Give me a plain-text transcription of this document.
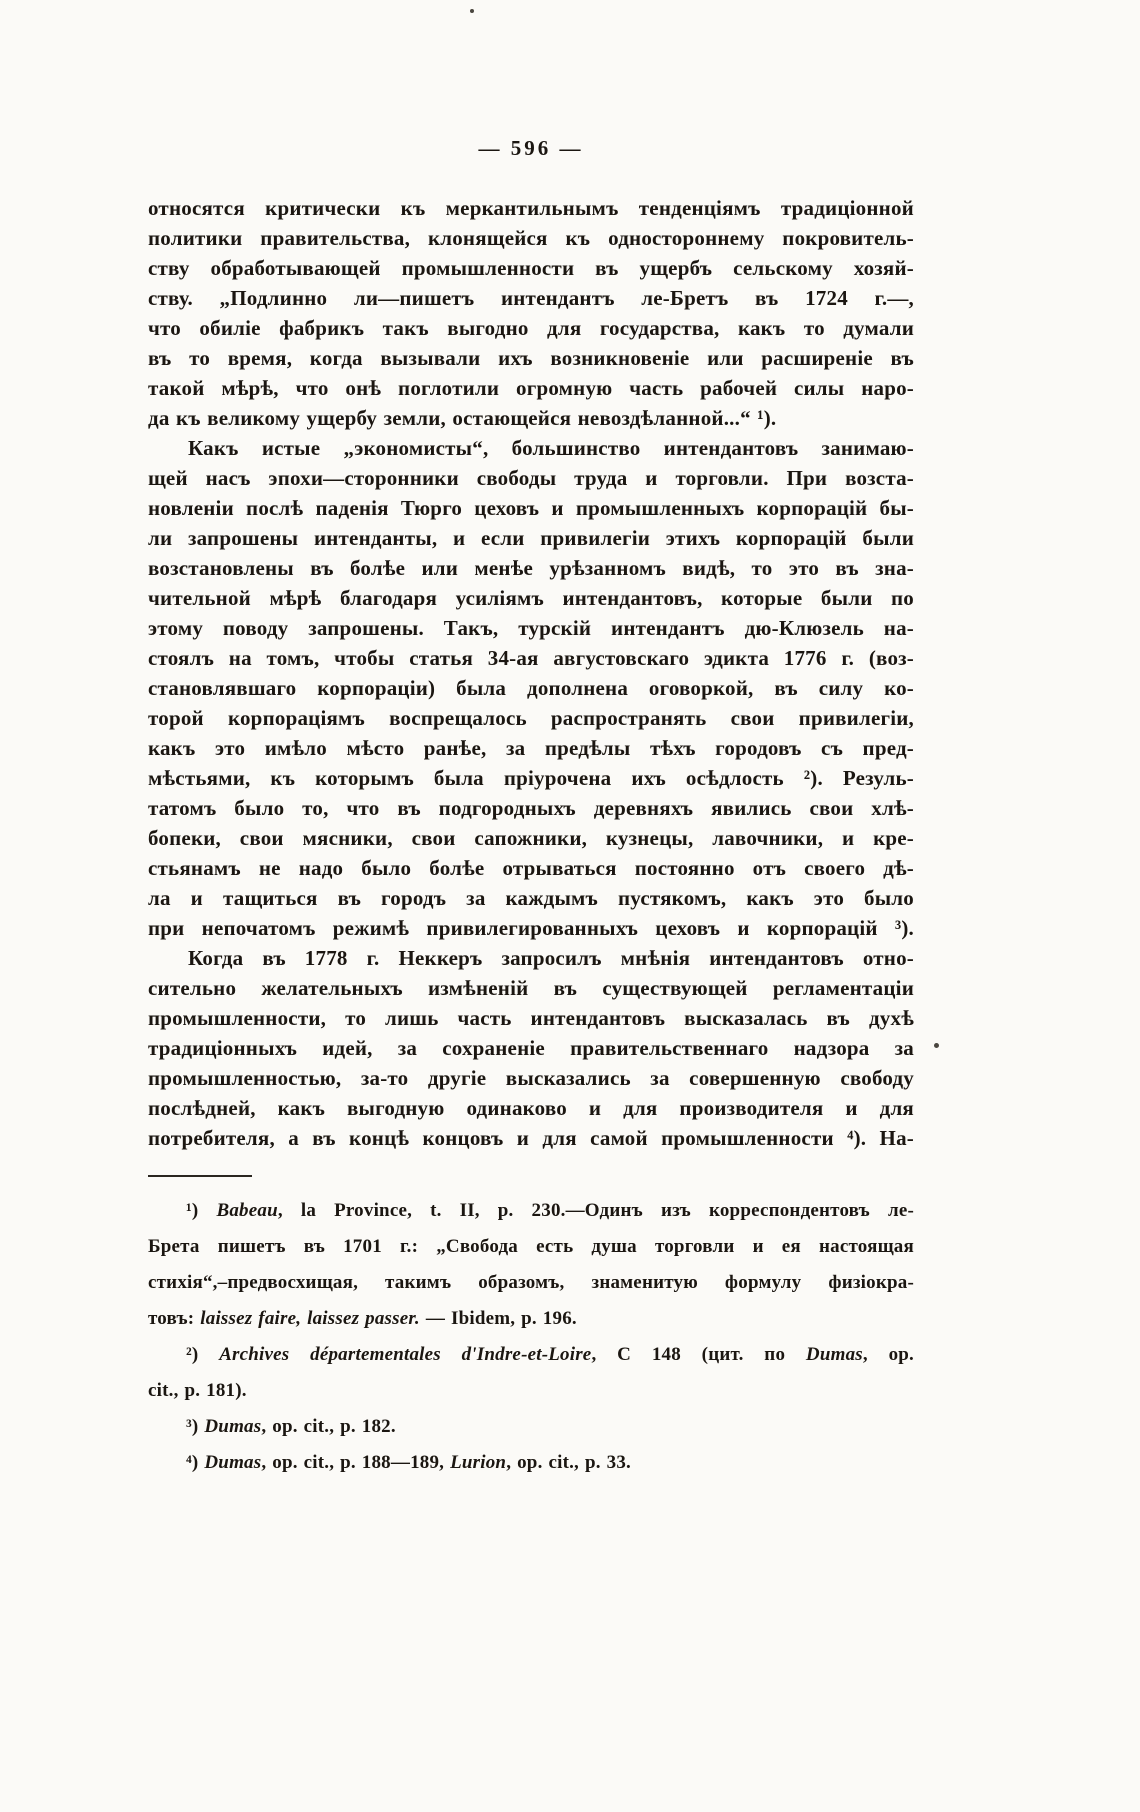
— 596 —
относятся критически къ меркантильнымъ тенденціямъ традиціонной
политики правительства, клонящейся къ одностороннему покровитель-
ству обработывающей промышленности въ ущербъ сельскому хозяй-
ству. „Подлинно ли—пишетъ интендантъ ле-Бретъ въ 1724 г.—,
что обиліе фабрикъ такъ выгодно для государства, какъ то думали
въ то время, когда вызывали ихъ возникновеніе или расширеніе въ
такой мѣрѣ, что онѣ поглотили огромную часть рабочей силы наро-
да къ великому ущербу земли, остающейся невоздѣланной...“ ¹).
Какъ истые „экономисты“, большинство интендантовъ занимаю-
щей насъ эпохи—сторонники свободы труда и торговли. При возста-
новленіи послѣ паденія Тюрго цеховъ и промышленныхъ корпорацій бы-
ли запрошены интенданты, и если привилегіи этихъ корпорацій были
возстановлены въ болѣе или менѣе урѣзанномъ видѣ, то это въ зна-
чительной мѣрѣ благодаря усиліямъ интендантовъ, которые были по
этому поводу запрошены. Такъ, турскій интендантъ дю-Клюзель на-
стоялъ на томъ, чтобы статья 34-ая августовскаго эдикта 1776 г. (воз-
становлявшаго корпораціи) была дополнена оговоркой, въ силу ко-
торой корпораціямъ воспрещалось распространять свои привилегіи,
какъ это имѣло мѣсто ранѣе, за предѣлы тѣхъ городовъ съ пред-
мѣстьями, къ которымъ была пріурочена ихъ осѣдлость ²). Резуль-
татомъ было то, что въ подгородныхъ деревняхъ явились свои хлѣ-
бопеки, свои мясники, свои сапожники, кузнецы, лавочники, и кре-
стьянамъ не надо было болѣе отрываться постоянно отъ своего дѣ-
ла и тащиться въ городъ за каждымъ пустякомъ, какъ это было
при непочатомъ режимѣ привилегированныхъ цеховъ и корпорацій ³).
Когда въ 1778 г. Неккеръ запросилъ мнѣнія интендантовъ отно-
сительно желательныхъ измѣненій въ существующей регламентаціи
промышленности, то лишь часть интендантовъ высказалась въ духѣ
традиціонныхъ идей, за сохраненіе правительственнаго надзора за
промышленностью, за-то другіе высказались за совершенную свободу
послѣдней, какъ выгодную одинаково и для производителя и для
потребителя, а въ концѣ концовъ и для самой промышленности ⁴). На-
¹) Babeau, la Province, t. II, p. 230.—Одинъ изъ корреспондентовъ ле-
Брета пишетъ въ 1701 г.: „Свобода есть душа торговли и ея настоящая
стихія“,–предвосхищая, такимъ образомъ, знаменитую формулу физіокра-
товъ: laissez faire, laissez passer. — Ibidem, p. 196.
²) Archives départementales d'Indre-et-Loire, C 148 (цит. по Dumas, op.
cit., p. 181).
³) Dumas, op. cit., p. 182.
⁴) Dumas, op. cit., p. 188—189, Lurion, op. cit., p. 33.
